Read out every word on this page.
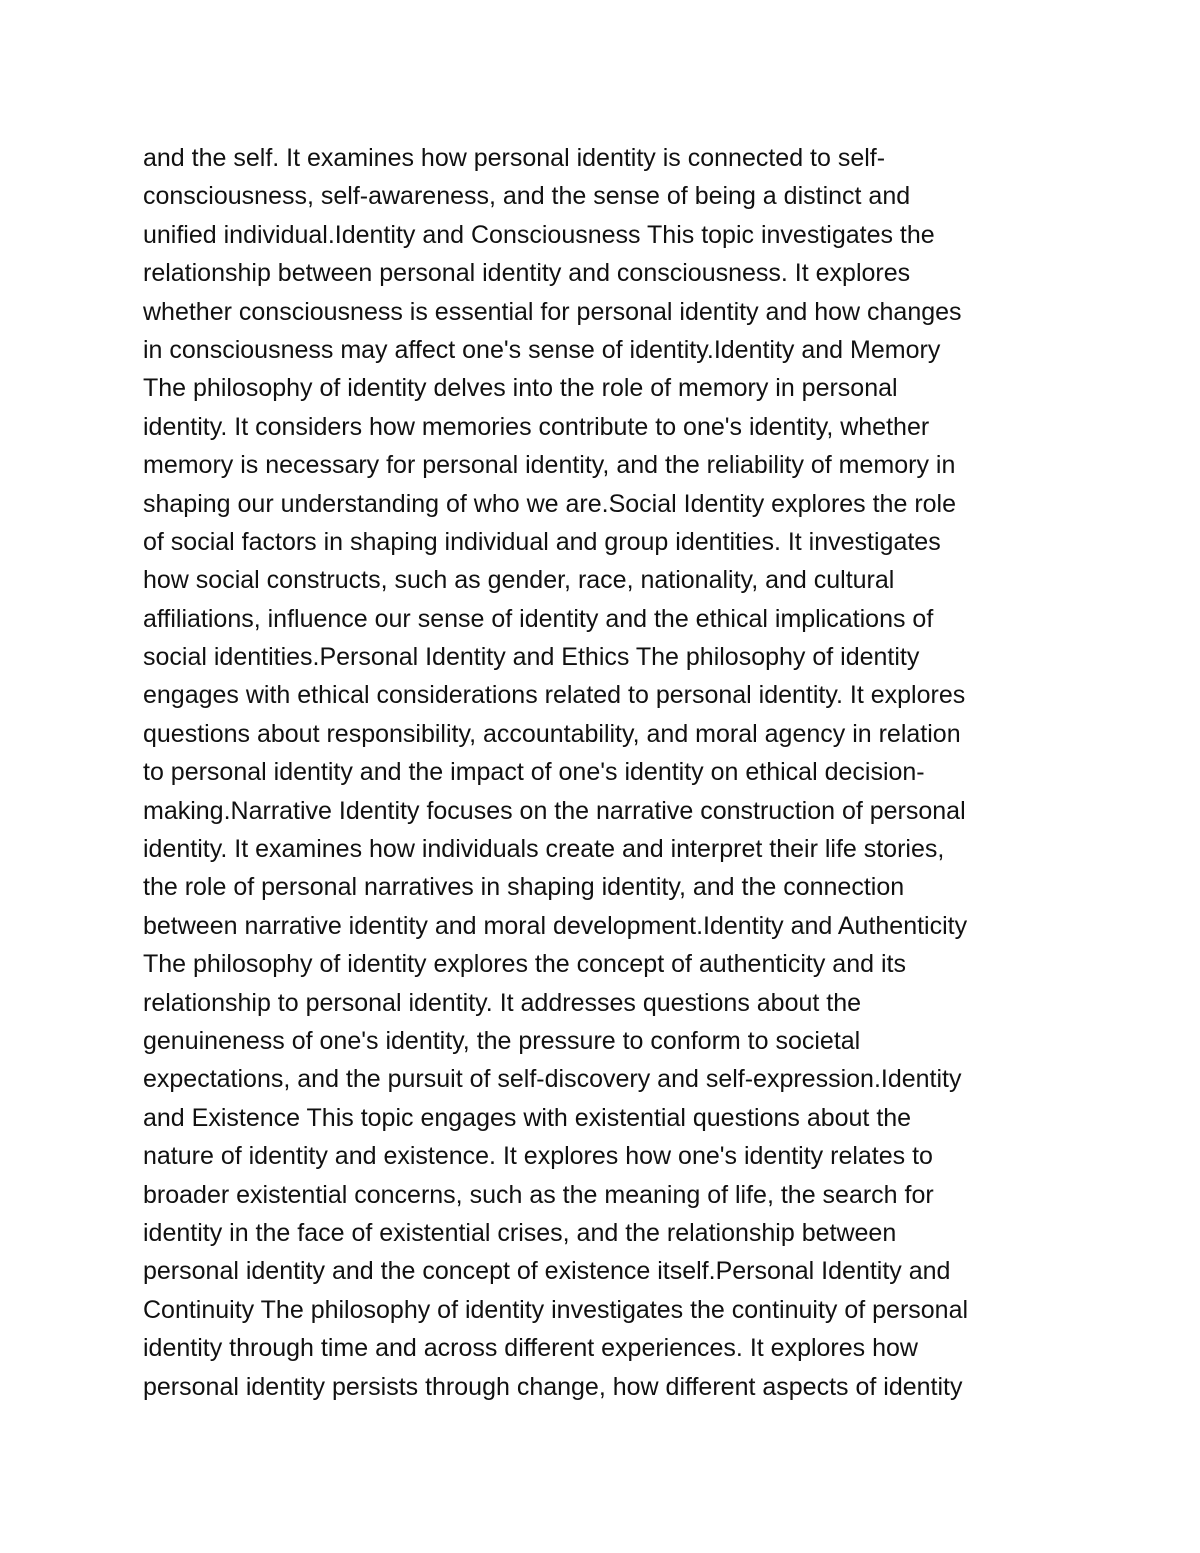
and the self. It examines how personal identity is connected to self-
consciousness, self-awareness, and the sense of being a distinct and
unified individual.Identity and Consciousness This topic investigates the
relationship between personal identity and consciousness. It explores
whether consciousness is essential for personal identity and how changes
in consciousness may affect one's sense of identity.Identity and Memory
The philosophy of identity delves into the role of memory in personal
identity. It considers how memories contribute to one's identity, whether
memory is necessary for personal identity, and the reliability of memory in
shaping our understanding of who we are.Social Identity explores the role
of social factors in shaping individual and group identities. It investigates
how social constructs, such as gender, race, nationality, and cultural
affiliations, influence our sense of identity and the ethical implications of
social identities.Personal Identity and Ethics The philosophy of identity
engages with ethical considerations related to personal identity. It explores
questions about responsibility, accountability, and moral agency in relation
to personal identity and the impact of one's identity on ethical decision-
making.Narrative Identity focuses on the narrative construction of personal
identity. It examines how individuals create and interpret their life stories,
the role of personal narratives in shaping identity, and the connection
between narrative identity and moral development.Identity and Authenticity
The philosophy of identity explores the concept of authenticity and its
relationship to personal identity. It addresses questions about the
genuineness of one's identity, the pressure to conform to societal
expectations, and the pursuit of self-discovery and self-expression.Identity
and Existence This topic engages with existential questions about the
nature of identity and existence. It explores how one's identity relates to
broader existential concerns, such as the meaning of life, the search for
identity in the face of existential crises, and the relationship between
personal identity and the concept of existence itself.Personal Identity and
Continuity The philosophy of identity investigates the continuity of personal
identity through time and across different experiences. It explores how
personal identity persists through change, how different aspects of identity
